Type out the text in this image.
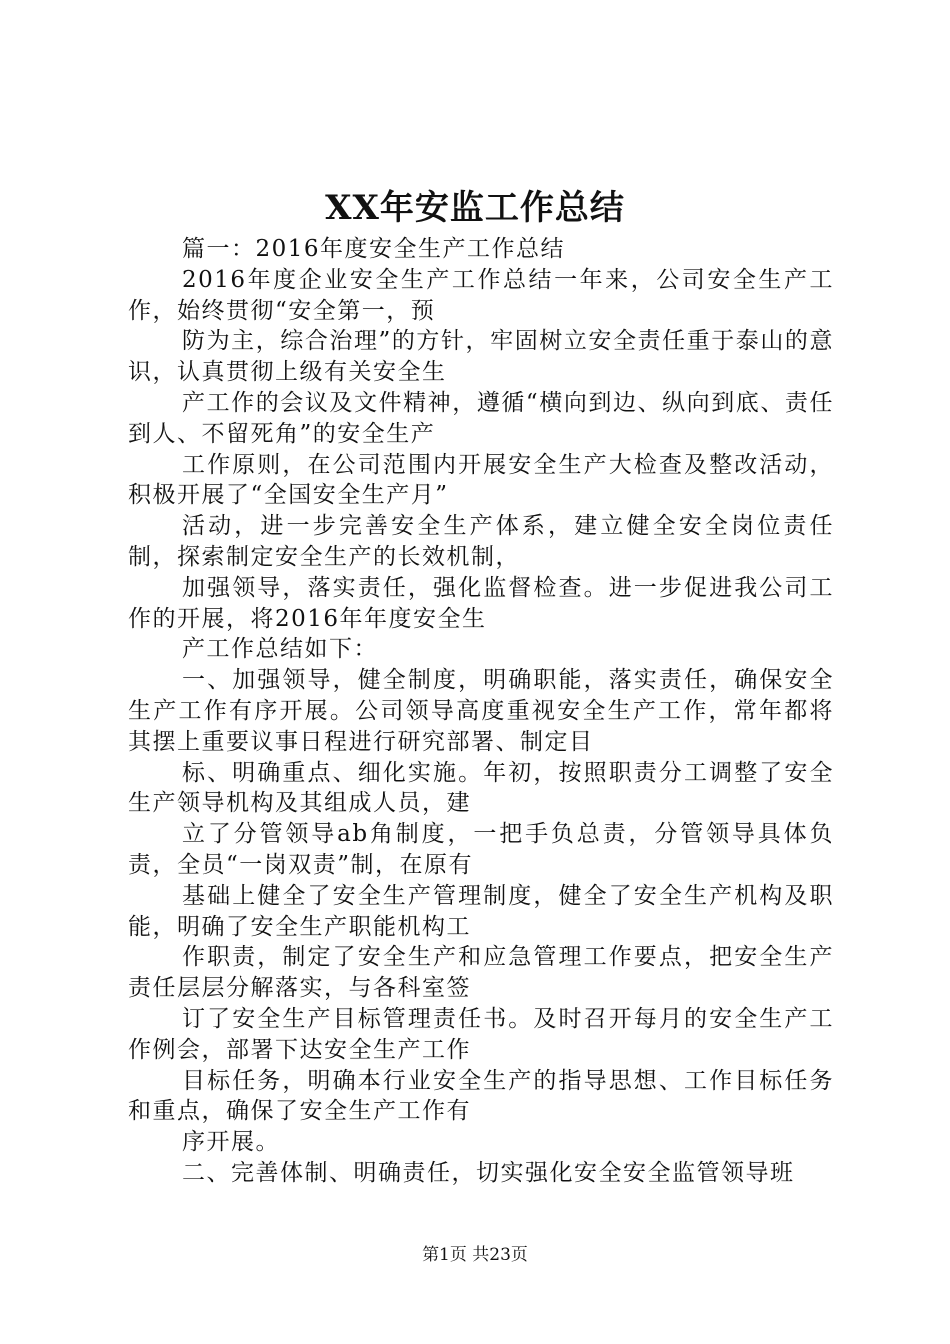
XX年安监工作总结

篇一：2016年度安全生产工作总结

2016年度企业安全生产工作总结一年来，公司安全生产工作，始终贯彻“安全第一，预

防为主，综合治理”的方针，牢固树立安全责任重于泰山的意识，认真贯彻上级有关安全生

产工作的会议及文件精神，遵循“横向到边、纵向到底、责任到人、不留死角”的安全生产

工作原则，在公司范围内开展安全生产大检查及整改活动，积极开展了“全国安全生产月”

活动，进一步完善安全生产体系，建立健全安全岗位责任制，探索制定安全生产的长效机制，

加强领导，落实责任，强化监督检查。进一步促进我公司工作的开展，将2016年年度安全生

产工作总结如下：

一、加强领导，健全制度，明确职能，落实责任，确保安全生产工作有序开展。公司领导高度重视安全生产工作，常年都将其摆上重要议事日程进行研究部署、制定目

标、明确重点、细化实施。年初，按照职责分工调整了安全生产领导机构及其组成人员，建

立了分管领导ab角制度，一把手负总责，分管领导具体负责，全员“一岗双责”制，在原有

基础上健全了安全生产管理制度，健全了安全生产机构及职能，明确了安全生产职能机构工

作职责，制定了安全生产和应急管理工作要点，把安全生产责任层层分解落实，与各科室签

订了安全生产目标管理责任书。及时召开每月的安全生产工作例会，部署下达安全生产工作

目标任务，明确本行业安全生产的指导思想、工作目标任务和重点，确保了安全生产工作有

序开展。

二、完善体制、明确责任，切实强化安全安全监管领导班

第1页 共23页
